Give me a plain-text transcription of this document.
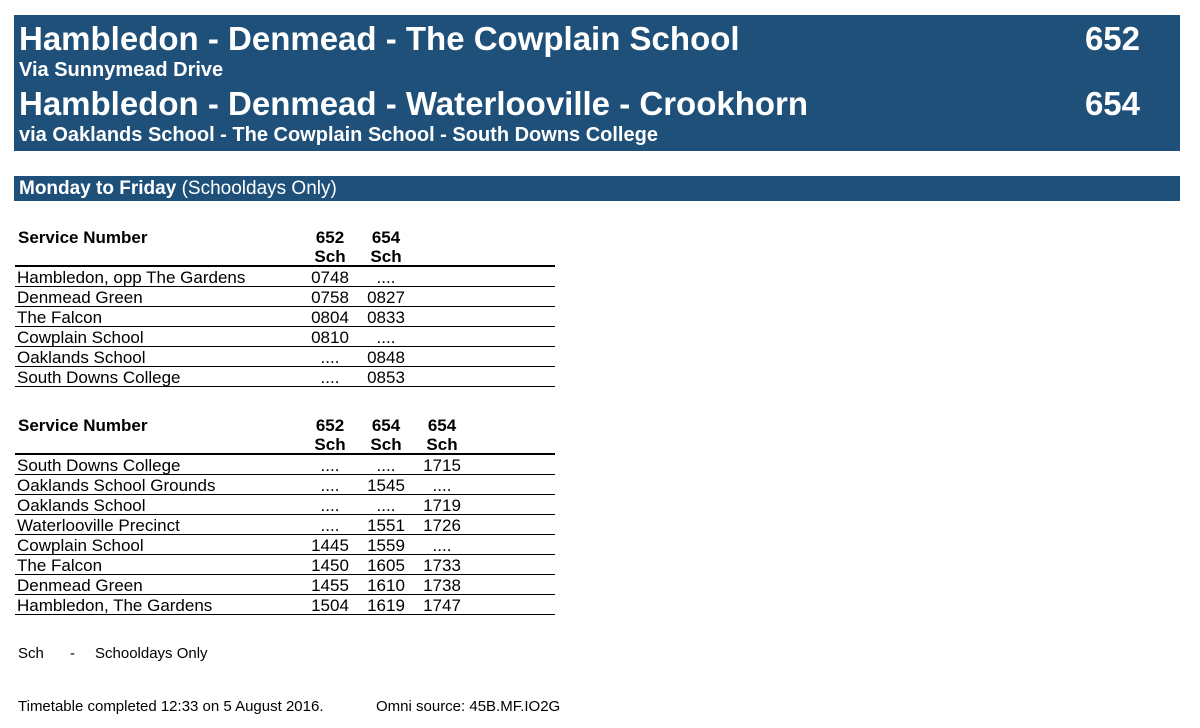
Hambledon - Denmead - The Cowplain School	652
Via Sunnymead Drive
Hambledon - Denmead - Waterlooville - Crookhorn	654
via Oaklands School - The Cowplain School - South Downs College
Monday to Friday (Schooldays Only)
Service Number	652
Sch
654
Sch
Hambledon, opp The Gardens	0748	....
Denmead Green	0758 0827
The Falcon	0804 0833
Cowplain School	0810	....
Oaklands School	....	0848
South Downs College	....	0853
Service Number	652
Sch
654
Sch
654
Sch
South Downs College	....	....	1715
Oaklands School Grounds	....	1545	....
Oaklands School	....	....	1719
Waterlooville Precinct	....	1551 1726
Cowplain School	1445 1559	....
The Falcon	1450 1605 1733
Denmead Green	1455 1610 1738
Hambledon, The Gardens	1504 1619 1747
Sch - Schooldays Only
Timetable completed 12:33 on 5 August 2016.	Omni source: 45B.MF.IO2G
